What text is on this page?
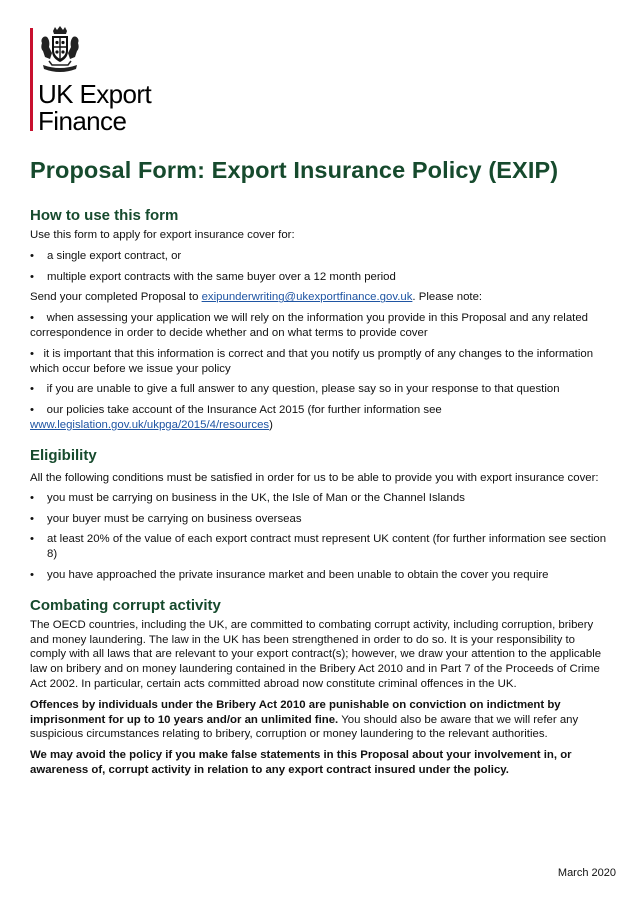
UK Export
Finance
Proposal Form: Export Insurance Policy (EXIP)
How to use this form

Use this form to apply for export insurance cover for:

• a single export contract, or
• multiple export contracts with the same buyer over a 12 month period

Send your completed Proposal to exipunderwriting@ukexportfinance.gov.uk. Please note:

•    when assessing your application we will rely on the information you provide in this Proposal and any related correspondence in order to decide whether and on what terms to provide cover
•   it is important that this information is correct and that you notify us promptly of any changes to the information which occur before we issue your policy
•    if you are unable to give a full answer to any question, please say so in your response to that question
•    our policies take account of the Insurance Act 2015 (for further information see www.legislation.gov.uk/ukpga/2015/4/resources)
Eligibility

All the following conditions must be satisfied in order for us to be able to provide you with export insurance cover:

• you must be carrying on business in the UK, the Isle of Man or the Channel Islands
• your buyer must be carrying on business overseas
• at least 20% of the value of each export contract must represent UK content (for further information see section 8)
• you have approached the private insurance market and been unable to obtain the cover you require
Combating corrupt activity

The OECD countries, including the UK, are committed to combating corrupt activity, including corruption, bribery and money laundering. The law in the UK has been strengthened in order to do so. It is your responsibility to comply with all laws that are relevant to your export contract(s); however, we draw your attention to the applicable law on bribery and on money laundering contained in the Bribery Act 2010 and in Part 7 of the Proceeds of Crime Act 2002. In particular, certain acts committed abroad now constitute criminal offences in the UK.

Offences by individuals under the Bribery Act 2010 are punishable on conviction on indictment by imprisonment for up to 10 years and/or an unlimited fine. You should also be aware that we will refer any suspicious circumstances relating to bribery, corruption or money laundering to the relevant authorities.

We may avoid the policy if you make false statements in this Proposal about your involvement in, or awareness of, corrupt activity in relation to any export contract insured under the policy.

March 2020
